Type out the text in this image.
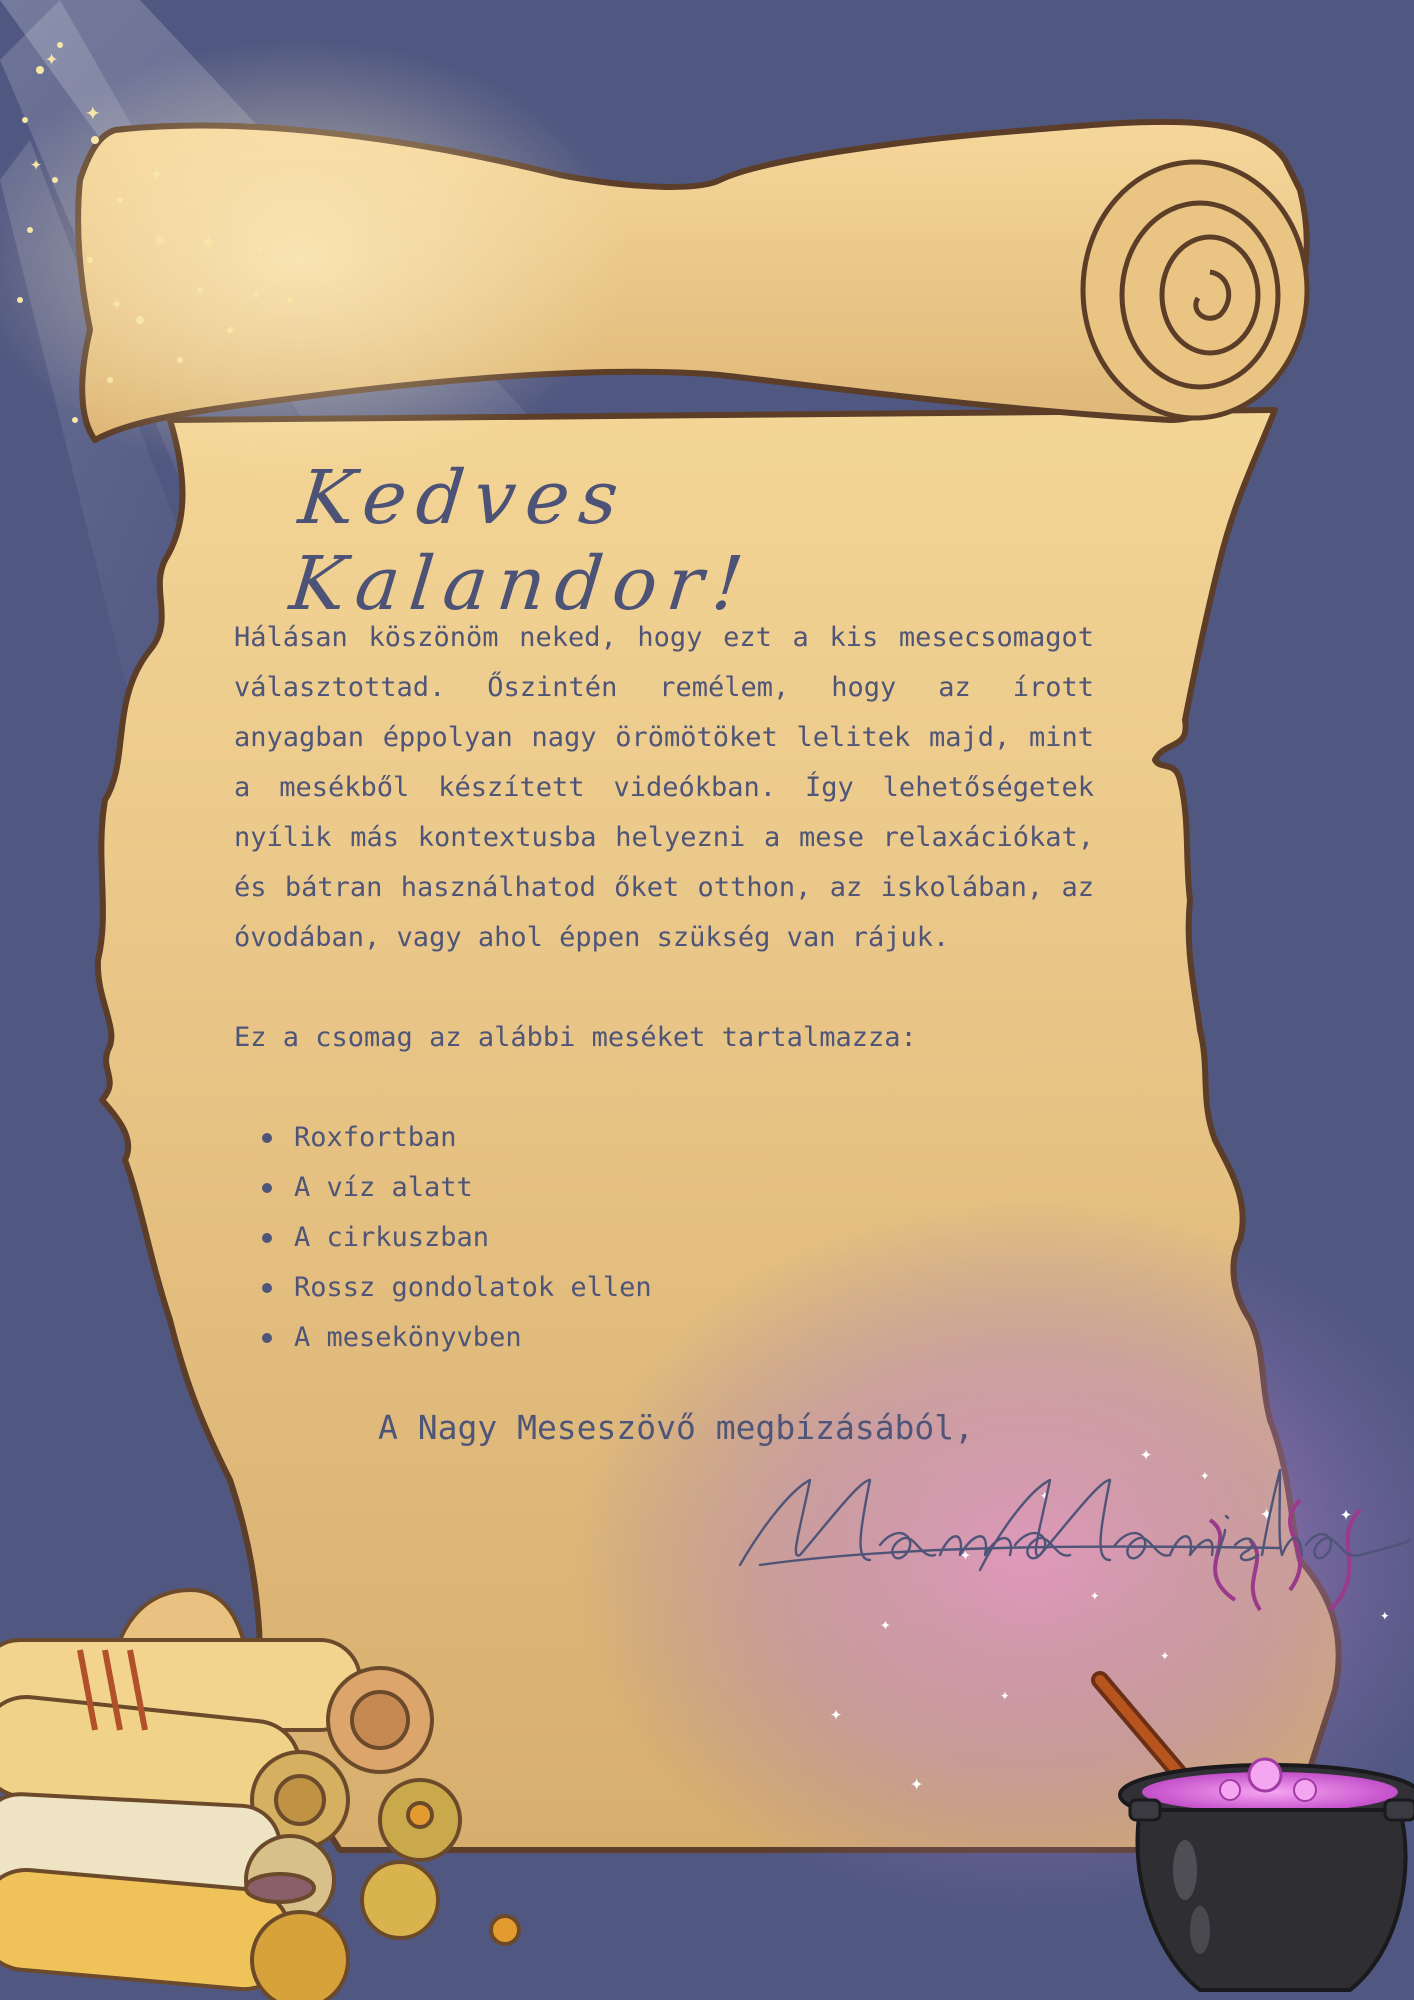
✦
✦
✦
✦
✦	✦
✦
✦
✦
✦
✦
✦
✦
✦
✦
✦
✦
✦
✦
✦
Kedves Kalandor!

Hálásan köszönöm neked, hogy ezt a kis mesecsomagot választottad. Őszintén remélem, hogy az írott anyagban éppolyan nagy örömötöket lelitek majd, mint a mesékből készített videókban. Így lehetőségetek nyílik más kontextusba helyezni a mese relaxációkat, és bátran használhatod őket otthon, az iskolában, az óvodában, vagy ahol éppen szükség van rájuk.

Ez a csomag az alábbi meséket tartalmazza:

Roxfortban
A víz alatt
A cirkuszban
Rossz gondolatok ellen
A mesekönyvben

A Nagy Meseszövő megbízásából,
